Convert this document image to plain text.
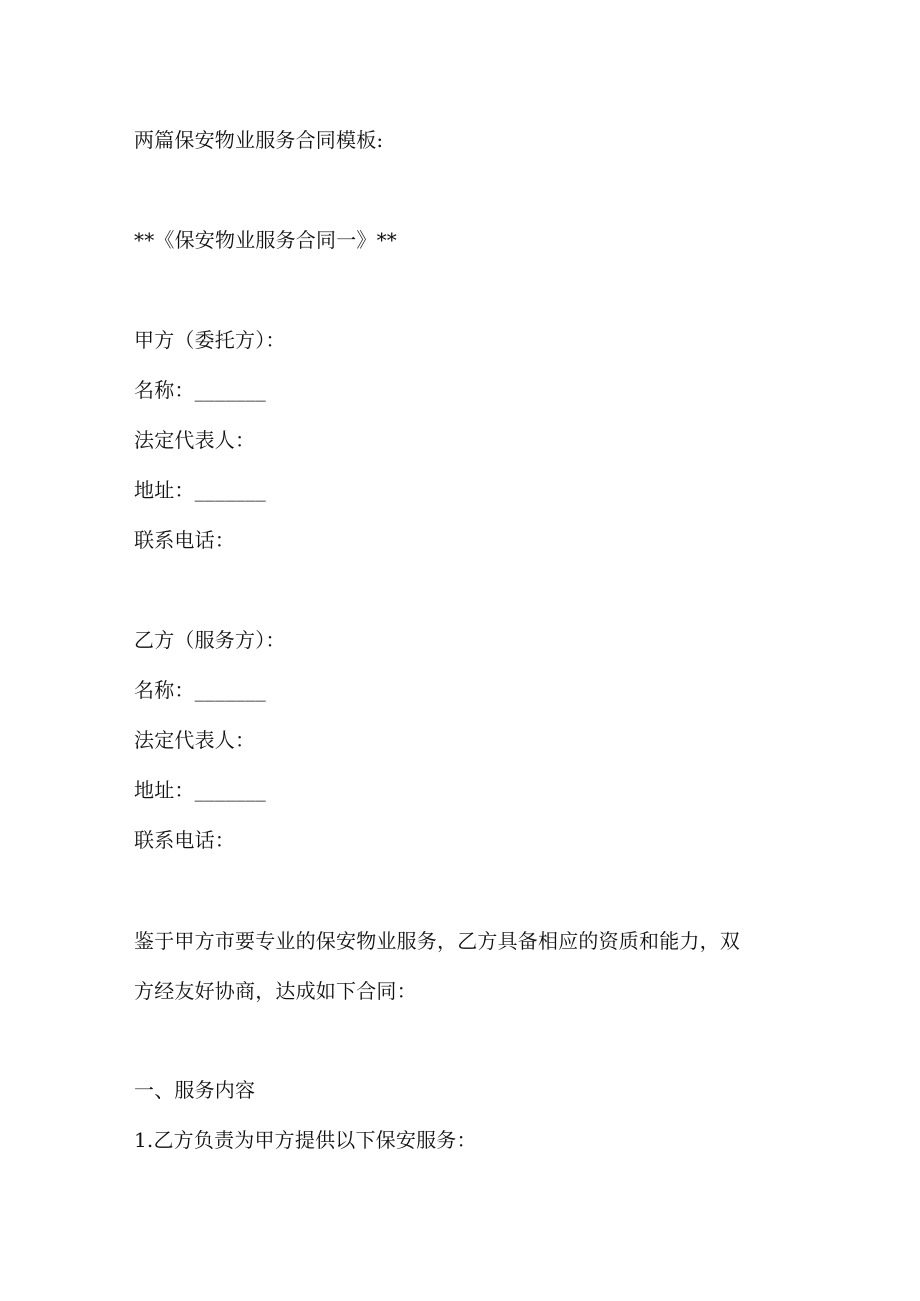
两篇保安物业服务合同模板:
**《保安物业服务合同一》**
甲方（委托方）：
名称：_______
法定代表人：
地址：_______
联系电话：
乙方（服务方）：
名称：_______
法定代表人：
地址：_______
联系电话：
鉴于甲方市要专业的保安物业服务，乙方具备相应的资质和能力，双
方经友好协商，达成如下合同：
一、服务内容
1.乙方负责为甲方提供以下保安服务：
